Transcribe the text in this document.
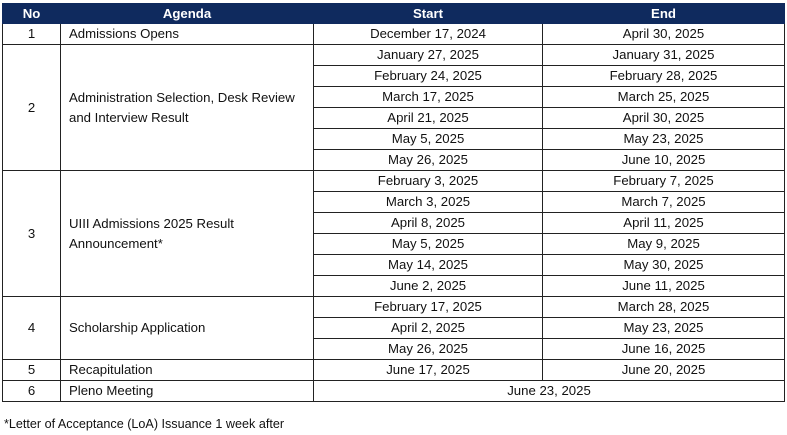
No	Agenda	Start	End
1	Admissions Opens	December 17, 2024	April 30, 2025
2	Administration Selection, Desk Review and Interview Result	January 27, 2025	January 31, 2025
		February 24, 2025	February 28, 2025
		March 17, 2025	March 25, 2025
		April 21, 2025	April 30, 2025
		May 5, 2025	May 23, 2025
		May 26, 2025	June 10, 2025
3	UIII Admissions 2025 Result Announcement*	February 3, 2025	February 7, 2025
		March 3, 2025	March 7, 2025
		April 8, 2025	April 11, 2025
		May 5, 2025	May 9, 2025
		May 14, 2025	May 30, 2025
		June 2, 2025	June 11, 2025
4	Scholarship Application	February 17, 2025	March 28, 2025
		April 2, 2025	May 23, 2025
		May 26, 2025	June 16, 2025
5	Recapitulation	June 17, 2025	June 20, 2025
6	Pleno Meeting	June 23, 2025	
*Letter of Acceptance (LoA) Issuance 1 week after
